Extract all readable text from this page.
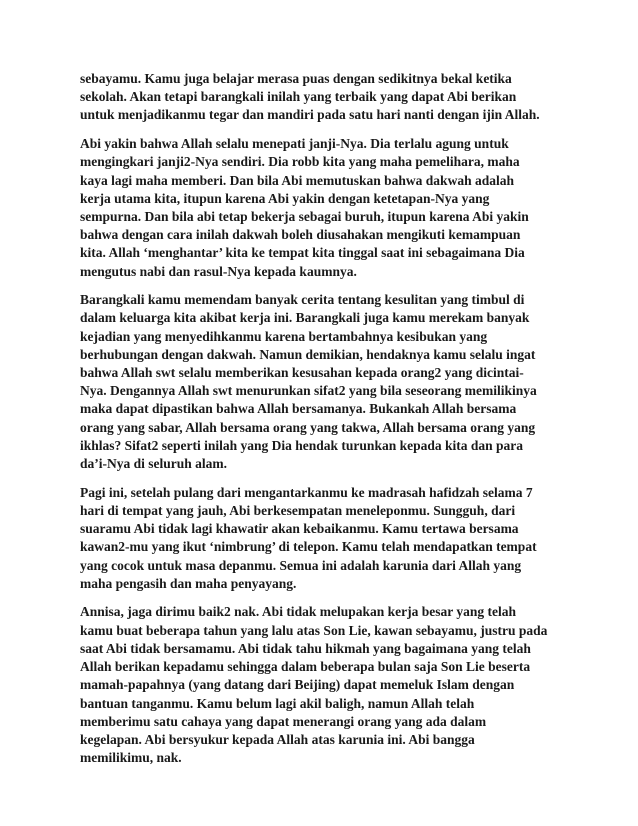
sebayamu. Kamu juga belajar merasa puas dengan sedikitnya bekal ketika
sekolah. Akan tetapi barangkali inilah yang terbaik yang dapat Abi berikan
untuk menjadikanmu tegar dan mandiri pada satu hari nanti dengan ijin Allah.

Abi yakin bahwa Allah selalu menepati janji-Nya. Dia terlalu agung untuk
mengingkari janji2-Nya sendiri. Dia robb kita yang maha pemelihara, maha
kaya lagi maha memberi. Dan bila Abi memutuskan bahwa dakwah adalah
kerja utama kita, itupun karena Abi yakin dengan ketetapan-Nya yang
sempurna. Dan bila abi tetap bekerja sebagai buruh, itupun karena Abi yakin
bahwa dengan cara inilah dakwah boleh diusahakan mengikuti kemampuan
kita. Allah ‘menghantar’ kita ke tempat kita tinggal saat ini sebagaimana Dia
mengutus nabi dan rasul-Nya kepada kaumnya.

Barangkali kamu memendam banyak cerita tentang kesulitan yang timbul di
dalam keluarga kita akibat kerja ini. Barangkali juga kamu merekam banyak
kejadian yang menyedihkanmu karena bertambahnya kesibukan yang
berhubungan dengan dakwah. Namun demikian, hendaknya kamu selalu ingat
bahwa Allah swt selalu memberikan kesusahan kepada orang2 yang dicintai-
Nya. Dengannya Allah swt menurunkan sifat2 yang bila seseorang memilikinya
maka dapat dipastikan bahwa Allah bersamanya. Bukankah Allah bersama
orang yang sabar, Allah bersama orang yang takwa, Allah bersama orang yang
ikhlas? Sifat2 seperti inilah yang Dia hendak turunkan kepada kita dan para
da’i-Nya di seluruh alam.

Pagi ini, setelah pulang dari mengantarkanmu ke madrasah hafidzah selama 7
hari di tempat yang jauh, Abi berkesempatan meneleponmu. Sungguh, dari
suaramu Abi tidak lagi khawatir akan kebaikanmu. Kamu tertawa bersama
kawan2-mu yang ikut ‘nimbrung’ di telepon. Kamu telah mendapatkan tempat
yang cocok untuk masa depanmu. Semua ini adalah karunia dari Allah yang
maha pengasih dan maha penyayang.

Annisa, jaga dirimu baik2 nak. Abi tidak melupakan kerja besar yang telah
kamu buat beberapa tahun yang lalu atas Son Lie, kawan sebayamu, justru pada
saat Abi tidak bersamamu. Abi tidak tahu hikmah yang bagaimana yang telah
Allah berikan kepadamu sehingga dalam beberapa bulan saja Son Lie beserta
mamah-papahnya (yang datang dari Beijing) dapat memeluk Islam dengan
bantuan tanganmu. Kamu belum lagi akil baligh, namun Allah telah
memberimu satu cahaya yang dapat menerangi orang yang ada dalam
kegelapan. Abi bersyukur kepada Allah atas karunia ini. Abi bangga
memilikimu, nak.
